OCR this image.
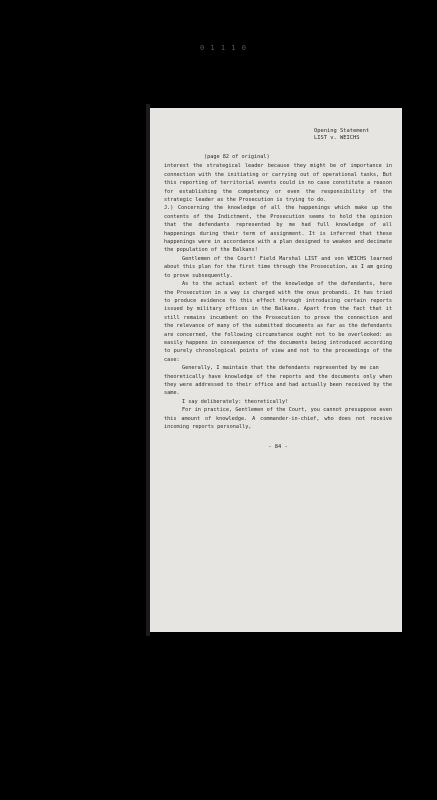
0 1 1 1 0
Opening Statement
LIST v. WEICHS
(page 82 of original)

interest the strategical leader because they might be of importance in connection with the initiating or carrying out of operational tasks, But this reporting of territorial events could in no case constitute a reason for establishing the competency or even the responsibility of the strategic leader as the Prosecution is trying to do.

J.) Concerning the knowledge of all the happenings which make up the contents of the Indictment, the Prosecution seems to hold the opinion that the defendants represented by me had full knowledge of all happenings during their term of assignment. It is inferred that these happenings were in accordance with a plan designed to weaken and decimate the population of the Balkans!

Gentlemen of the Court! Field Marshal LIST and von WEICHS learned about this plan for the first time through the Prosecution, as I am going to prove subsequently.

As to the actual extent of the knowledge of the defendants, here the Prosecution in a way is charged with the onus probandi. It has tried to produce evidence to this effect through introducing certain reports issued by military offices in the Balkans. Apart from the fact that it still remains incumbent on the Prosecution to prove the connection and the relevance of many of the submitted documents as far as the defendants are concerned, the following circumstance ought not to be overlooked: as easily happens in consequence of the documents being introduced according to purely chronological points of view and not to the proceedings of the case:

Generally, I maintain that the defendants represented by me can

theoretically have knowledge of the reports and the documents only when they were addressed to their office and had actually been received by the same.

I say deliberately: theoretically!

For in practice, Gentlemen of the Court, you cannot presuppose even this amount of knowledge. A commander-in-chief, who does not receive incoming reports personally,

- 84 -
